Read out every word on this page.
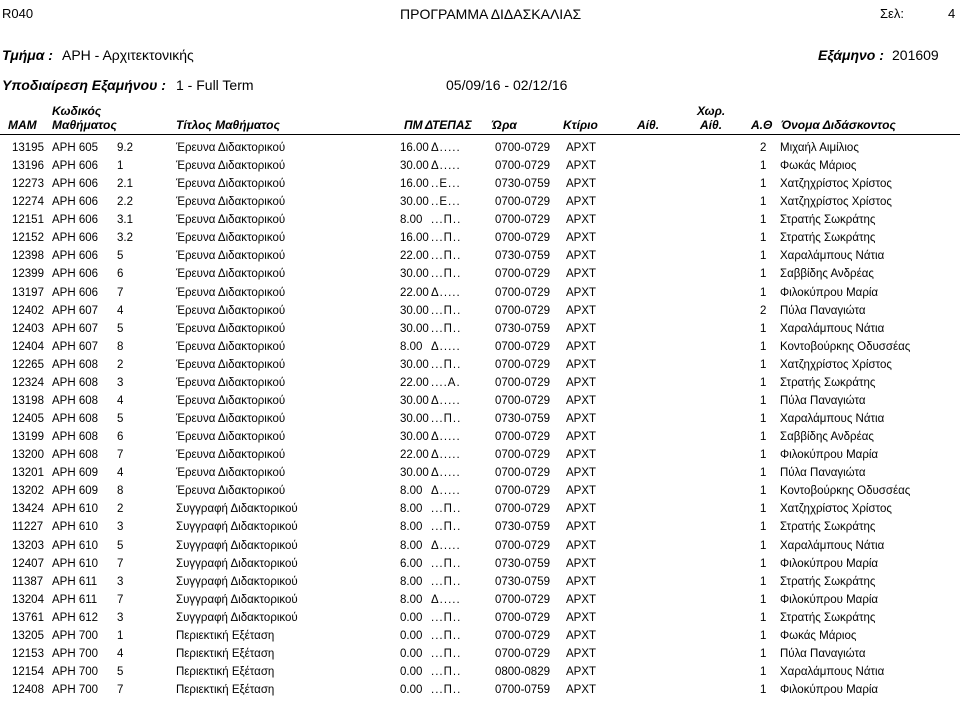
R040	ΠΡΟΓΡΑΜΜΑ ΔΙΔΑΣΚΑΛΙΑΣ	Σελ:	4
Τμήμα : ΑΡΗ - Αρχιτεκτονικής	Εξάμηνο : 201609
Υποδιαίρεση Εξαμήνου : 1 - Full Term	05/09/16 - 02/12/16
Κωδικός
ΜΑΜ Μαθήματος	Τίτλος Μαθήματος	ΠΜ ΔΤΕΠΑΣ Ώρα	Κτίριο	Αίθ.
Χωρ.
Αίθ. Α.Θ Όνομα Διδάσκοντος
13195 ΑΡΗ 605 9.2	Έρευνα Διδακτορικού	16.00 Δ.....	0700-0729 ΑΡΧΤ	2 Μιχαήλ Αιμίλιος
13196 ΑΡΗ 606 1	Έρευνα Διδακτορικού	30.00 Δ.....	0700-0729 ΑΡΧΤ	1 Φωκάς Μάριος
12273 ΑΡΗ 606 2.1	Έρευνα Διδακτορικού	16.00 ..Ε...	0730-0759 ΑΡΧΤ	1 Χατζηχρίστος Χρίστος
12274 ΑΡΗ 606 2.2	Έρευνα Διδακτορικού	30.00 ..Ε...	0700-0729 ΑΡΧΤ	1 Χατζηχρίστος Χρίστος
12151 ΑΡΗ 606 3.1	Έρευνα Διδακτορικού	8.00 ...Π..	0700-0729 ΑΡΧΤ	1 Στρατής Σωκράτης
12152 ΑΡΗ 606 3.2	Έρευνα Διδακτορικού	16.00 ...Π..	0700-0729 ΑΡΧΤ	1 Στρατής Σωκράτης
12398 ΑΡΗ 606 5	Έρευνα Διδακτορικού	22.00 ...Π..	0730-0759 ΑΡΧΤ	1 Χαραλάμπους Νάτια
12399 ΑΡΗ 606 6	Έρευνα Διδακτορικού	30.00 ...Π..	0700-0729 ΑΡΧΤ	1 Σαββίδης Ανδρέας
13197 ΑΡΗ 606 7	Έρευνα Διδακτορικού	22.00 Δ.....	0700-0729 ΑΡΧΤ	1 Φιλοκύπρου Μαρία
12402 ΑΡΗ 607 4	Έρευνα Διδακτορικού	30.00 ...Π..	0700-0729 ΑΡΧΤ	2 Πύλα Παναγιώτα
12403 ΑΡΗ 607 5	Έρευνα Διδακτορικού	30.00 ...Π..	0730-0759 ΑΡΧΤ	1 Χαραλάμπους Νάτια
12404 ΑΡΗ 607 8	Έρευνα Διδακτορικού	8.00 Δ.....	0700-0729 ΑΡΧΤ	1 Κοντοβούρκης Οδυσσέας
12265 ΑΡΗ 608 2	Έρευνα Διδακτορικού	30.00 ...Π..	0700-0729 ΑΡΧΤ	1 Χατζηχρίστος Χρίστος
12324 ΑΡΗ 608 3	Έρευνα Διδακτορικού	22.00 ....Α.	0700-0729 ΑΡΧΤ	1 Στρατής Σωκράτης
13198 ΑΡΗ 608 4	Έρευνα Διδακτορικού	30.00 Δ.....	0700-0729 ΑΡΧΤ	1 Πύλα Παναγιώτα
12405 ΑΡΗ 608 5	Έρευνα Διδακτορικού	30.00 ...Π..	0730-0759 ΑΡΧΤ	1 Χαραλάμπους Νάτια
13199 ΑΡΗ 608 6	Έρευνα Διδακτορικού	30.00 Δ.....	0700-0729 ΑΡΧΤ	1 Σαββίδης Ανδρέας
13200 ΑΡΗ 608 7	Έρευνα Διδακτορικού	22.00 Δ.....	0700-0729 ΑΡΧΤ	1 Φιλοκύπρου Μαρία
13201 ΑΡΗ 609 4	Έρευνα Διδακτορικού	30.00 Δ.....	0700-0729 ΑΡΧΤ	1 Πύλα Παναγιώτα
13202 ΑΡΗ 609 8	Έρευνα Διδακτορικού	8.00 Δ.....	0700-0729 ΑΡΧΤ	1 Κοντοβούρκης Οδυσσέας
13424 ΑΡΗ 610 2	Συγγραφή Διδακτορικού	8.00 ...Π..	0700-0729 ΑΡΧΤ	1 Χατζηχρίστος Χρίστος
11227 ΑΡΗ 610 3	Συγγραφή Διδακτορικού	8.00 ...Π..	0730-0759 ΑΡΧΤ	1 Στρατής Σωκράτης
13203 ΑΡΗ 610 5	Συγγραφή Διδακτορικού	8.00 Δ.....	0700-0729 ΑΡΧΤ	1 Χαραλάμπους Νάτια
12407 ΑΡΗ 610 7	Συγγραφή Διδακτορικού	6.00 ...Π..	0730-0759 ΑΡΧΤ	1 Φιλοκύπρου Μαρία
11387 ΑΡΗ 611 3	Συγγραφή Διδακτορικού	8.00 ...Π..	0730-0759 ΑΡΧΤ	1 Στρατής Σωκράτης
13204 ΑΡΗ 611 7	Συγγραφή Διδακτορικού	8.00 Δ.....	0700-0729 ΑΡΧΤ	1 Φιλοκύπρου Μαρία
13761 ΑΡΗ 612 3	Συγγραφή Διδακτορικού	0.00 ...Π..	0700-0729 ΑΡΧΤ	1 Στρατής Σωκράτης
13205 ΑΡΗ 700 1	Περιεκτική Εξέταση	0.00 ...Π..	0700-0729 ΑΡΧΤ	1 Φωκάς Μάριος
12153 ΑΡΗ 700 4	Περιεκτική Εξέταση	0.00 ...Π..	0700-0729 ΑΡΧΤ	1 Πύλα Παναγιώτα
12154 ΑΡΗ 700 5	Περιεκτική Εξέταση	0.00 ...Π..	0800-0829 ΑΡΧΤ	1 Χαραλάμπους Νάτια
12408 ΑΡΗ 700 7	Περιεκτική Εξέταση	0.00 ...Π..	0700-0759 ΑΡΧΤ	1 Φιλοκύπρου Μαρία
